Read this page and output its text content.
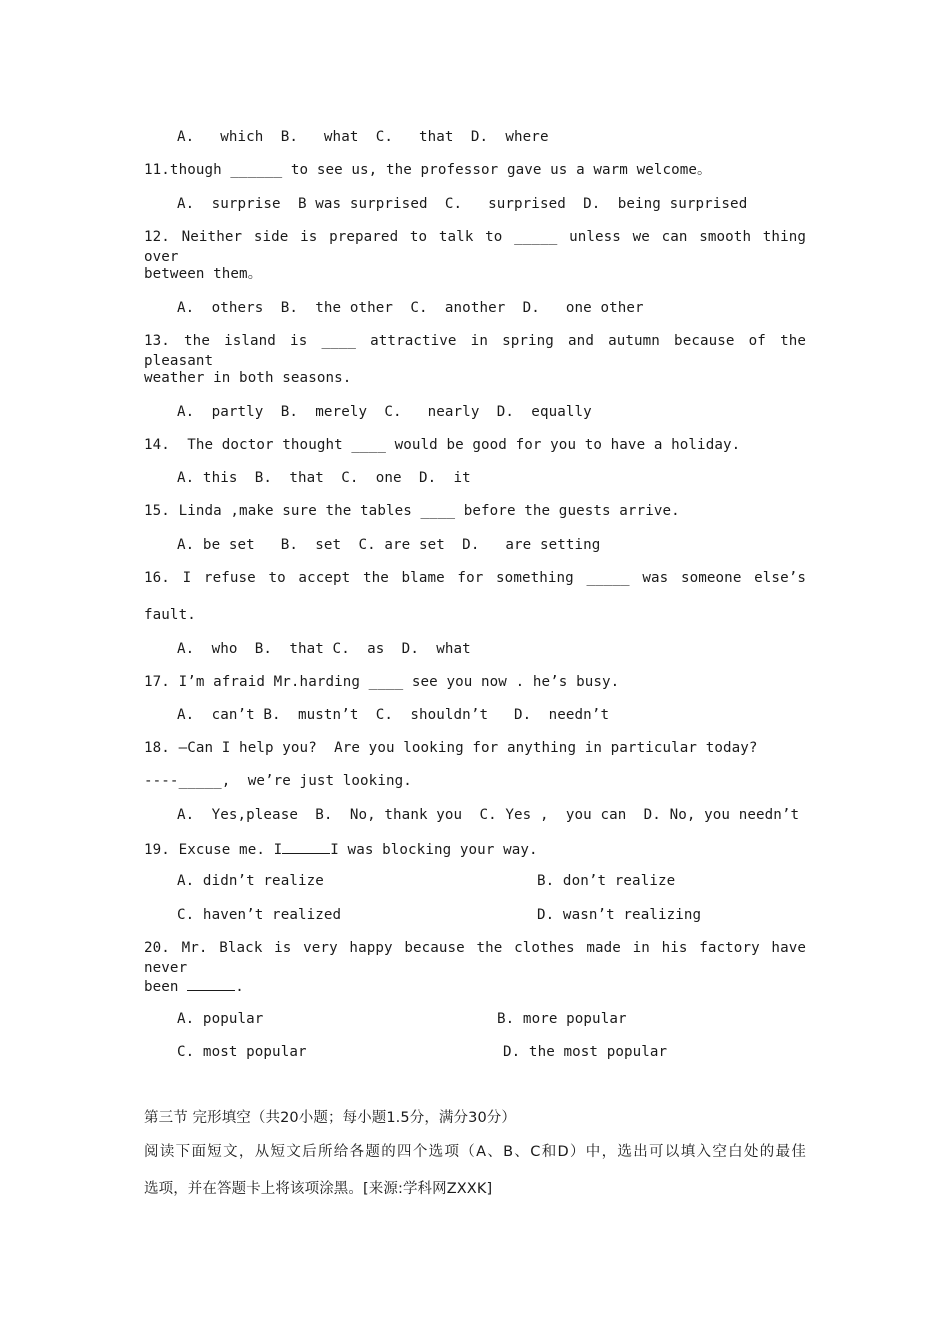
A.   which  B.   what  C.   that  D.  where
11.though ______ to see us, the professor gave us a warm welcome。
A.  surprise  B was surprised  C.   surprised  D.  being surprised
12. Neither side is prepared to talk to _____ unless we can smooth thing over
between them。
A.  others  B.  the other  C.  another  D.   one other
13. the island is ____ attractive in spring and autumn because of the pleasant
weather in both seasons.
A.  partly  B.  merely  C.   nearly  D.  equally
14.  The doctor thought ____ would be good for you to have a holiday.
A. this  B.  that  C.  one  D.  it
15. Linda ,make sure the tables ____ before the guests arrive.
A. be set   B.  set  C. are set  D.   are setting
16. I refuse to accept the blame for something _____ was someone else’s
fault.
A.  who  B.  that C.  as  D.  what
17. I’m afraid Mr.harding ____ see you now . he’s busy.
A.  can’t B.  mustn’t  C.  shouldn’t   D.  needn’t
18. –Can I help you?  Are you looking for anything in particular today?
----_____,  we’re just looking.
A.  Yes,please  B.  No, thank you  C. Yes ,  you can  D. No, you needn’t
19. Excuse me. I	I was blocking your way.
A. didn’t realize	B. don’t realize
C. haven’t realized	D. wasn’t realizing
20. Mr. Black is very happy because the clothes made in his factory have never
been	.
A. popular	B. more popular
C. most popular	D. the most popular
第三节 完形填空（共20小题；每小题1.5分，满分30分）
阅读下面短文，从短文后所给各题的四个选项（A、B、C和D）中，选出可以填入空白处的最佳
选项，并在答题卡上将该项涂黑。[来源:学科网ZXXK]
